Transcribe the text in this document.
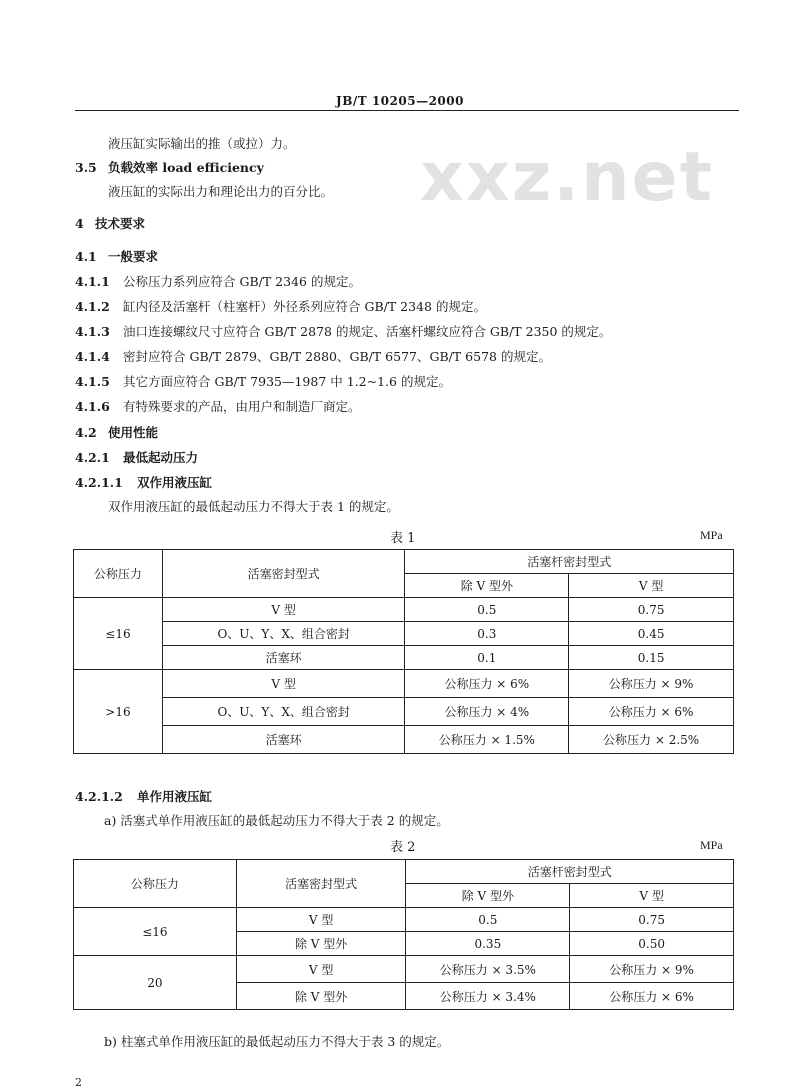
JB/T 10205—2000
xxz.net
液压缸实际输出的推（或拉）力。
3.5 负载效率 load efficiency
液压缸的实际出力和理论出力的百分比。
4 技术要求
4.1 一般要求
4.1.1 公称压力系列应符合 GB/T 2346 的规定。
4.1.2 缸内径及活塞杆（柱塞杆）外径系列应符合 GB/T 2348 的规定。
4.1.3 油口连接螺纹尺寸应符合 GB/T 2878 的规定、活塞杆螺纹应符合 GB/T 2350 的规定。
4.1.4 密封应符合 GB/T 2879、GB/T 2880、GB/T 6577、GB/T 6578 的规定。
4.1.5 其它方面应符合 GB/T 7935—1987 中 1.2~1.6 的规定。
4.1.6 有特殊要求的产品，由用户和制造厂商定。
4.2 使用性能
4.2.1 最低起动压力
4.2.1.1 双作用液压缸
双作用液压缸的最低起动压力不得大于表 1 的规定。
表 1	MPa
公称压力	活塞密封型式	活塞杆密封型式	
		除 V 型外	V 型
≤16	V 型	0.5	0.75
	O、U、Y、X、组合密封	0.3	0.45
	活塞环	0.1	0.15
>16	V 型	公称压力 × 6%	公称压力 × 9%
	O、U、Y、X、组合密封	公称压力 × 4%	公称压力 × 6%
	活塞环	公称压力 × 1.5%	公称压力 × 2.5%
4.2.1.2 单作用液压缸
a) 活塞式单作用液压缸的最低起动压力不得大于表 2 的规定。
表 2	MPa
公称压力	活塞密封型式	活塞杆密封型式	
		除 V 型外	V 型
≤16	V 型	0.5	0.75
	除 V 型外	0.35	0.50
20	V 型	公称压力 × 3.5%	公称压力 × 9%
	除 V 型外	公称压力 × 3.4%	公称压力 × 6%
b) 柱塞式单作用液压缸的最低起动压力不得大于表 3 的规定。
2
